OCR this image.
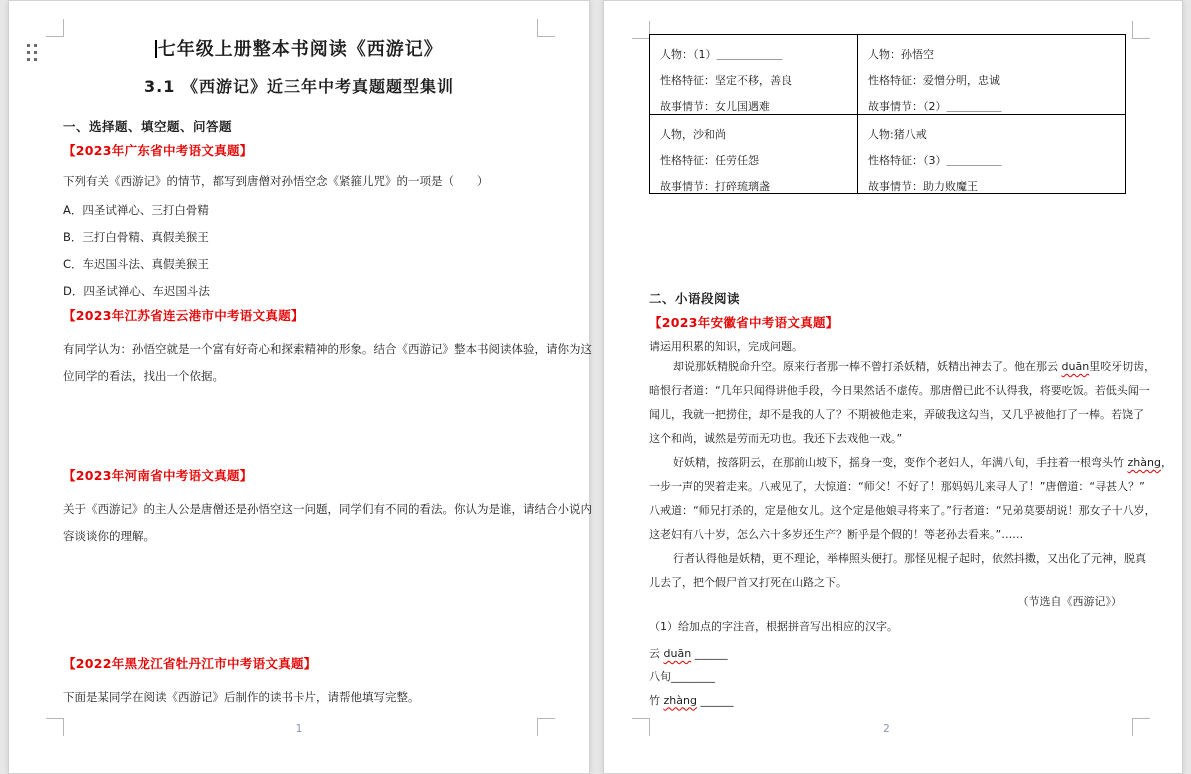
七年级上册整本书阅读《西游记》
3.1 《西游记》近三年中考真题题型集训
一、选择题、填空题、问答题
【2023年广东省中考语文真题】
下列有关《西游记》的情节，都写到唐僧对孙悟空念《紧箍儿咒》的一项是（　　）
A．四圣试禅心、三打白骨精
B．三打白骨精、真假美猴王
C．车迟国斗法、真假美猴王
D．四圣试禅心、车迟国斗法
【2023年江苏省连云港市中考语文真题】
有同学认为：孙悟空就是一个富有好奇心和探索精神的形象。结合《西游记》整本书阅读体验，请你为这
位同学的看法，找出一个依据。
【2023年河南省中考语文真题】
关于《西游记》的主人公是唐僧还是孙悟空这一问题，同学们有不同的看法。你认为是谁，请结合小说内
容谈谈你的理解。
【2022年黑龙江省牡丹江市中考语文真题】
下面是某同学在阅读《西游记》后制作的读书卡片，请帮他填写完整。
1
人物：（1）＿＿＿＿＿＿
性格特征：坚定不移，善良
故事情节：女儿国遇难
人物：孙悟空
性格特征：爱憎分明，忠诚
故事情节：（2）＿＿＿＿＿
人物，沙和尚
性格特征：任劳任怨
故事情节：打碎琉璃盏
人物:猪八戒
性格特征：（3）＿＿＿＿＿
故事情节：助力败魔王
二、小语段阅读
【2023年安徽省中考语文真题】
请运用积累的知识，完成问题。
却说那妖精脱命升空。原来行者那一棒不曾打杀妖精，妖精出神去了。他在那云 duān里咬牙切齿，
暗恨行者道：“几年只闻得讲他手段，今日果然话不虚传。那唐僧已此不认得我，将要吃饭。若低头闻一
闻儿，我就一把捞住，却不是我的人了？不期被他走来，弄破我这勾当，又几乎被他打了一棒。若饶了
这个和尚，诚然是劳而无功也。我还下去戏他一戏。”
好妖精，按落阴云，在那前山坡下，摇身一变，变作个老妇人，年满八旬，手拄着一根弯头竹 zhàng，
一步一声的哭着走来。八戒见了，大惊道：“师父！不好了！那妈妈儿来寻人了！”唐僧道：“寻甚人？”
八戒道：“师兄打杀的，定是他女儿。这个定是他娘寻将来了。”行者道：“兄弟莫要胡说！那女子十八岁，
这老妇有八十岁，怎么六十多岁还生产？断乎是个假的！等老孙去看来。”……
行者认得他是妖精，更不理论，举棒照头便打。那怪见棍子起时，依然抖擞，又出化了元神，脱真
儿去了，把个假尸首又打死在山路之下。
（节选自《西游记》）
（1）给加点的字注音，根据拼音写出相应的汉字。
云 duān ______
八旬________
竹 zhàng ______
2
